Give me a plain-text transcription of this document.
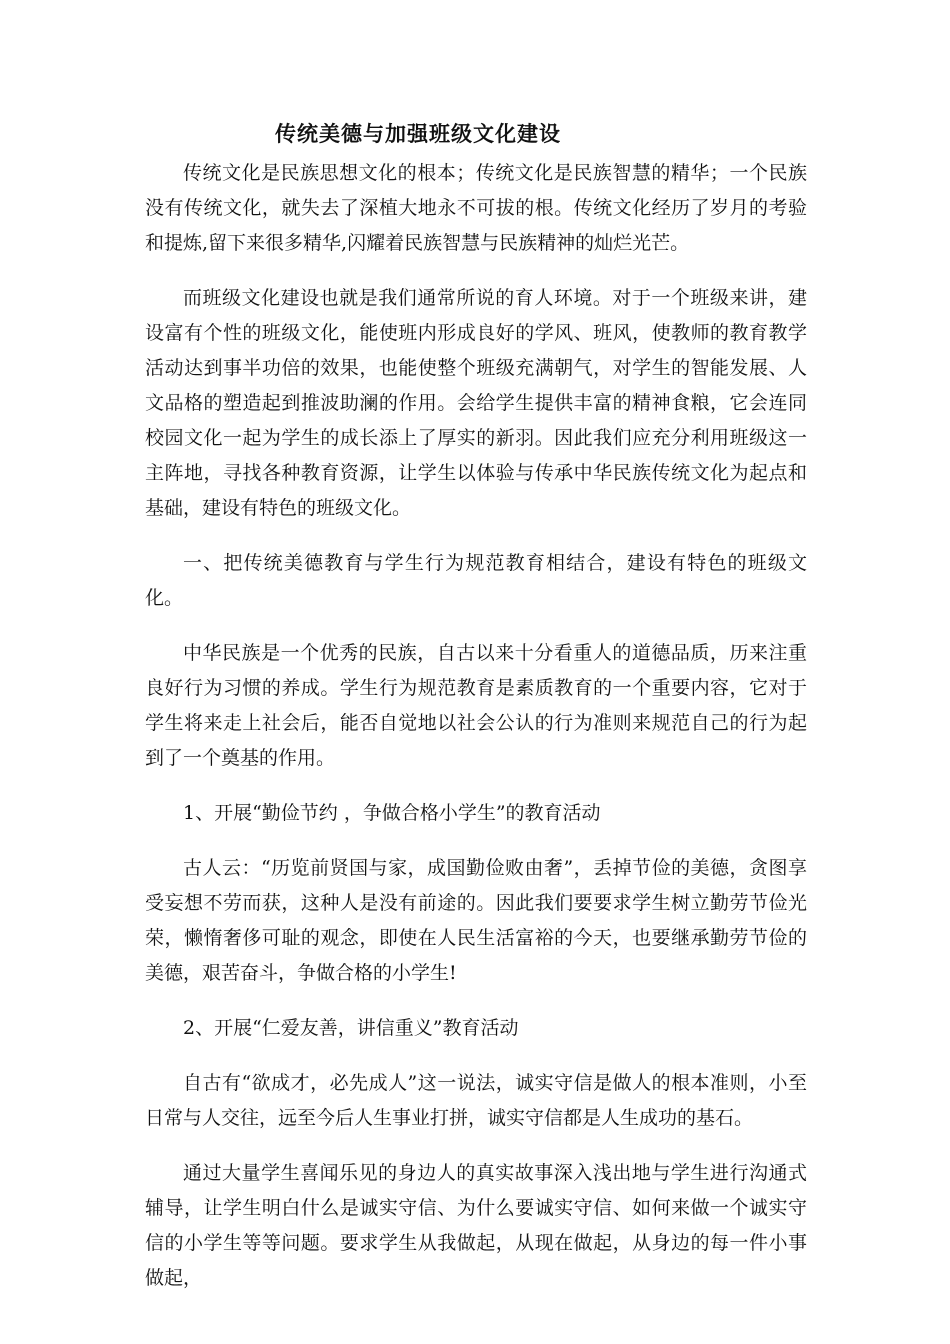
传统美德与加强班级文化建设

传统文化是民族思想文化的根本；传统文化是民族智慧的精华；一个民族没有传统文化，就失去了深植大地永不可拔的根。传统文化经历了岁月的考验和提炼,留下来很多精华,闪耀着民族智慧与民族精神的灿烂光芒。

而班级文化建设也就是我们通常所说的育人环境。对于一个班级来讲，建设富有个性的班级文化，能使班内形成良好的学风、班风，使教师的教育教学活动达到事半功倍的效果，也能使整个班级充满朝气，对学生的智能发展、人文品格的塑造起到推波助澜的作用。会给学生提供丰富的精神食粮，它会连同校园文化一起为学生的成长添上了厚实的新羽。因此我们应充分利用班级这一主阵地，寻找各种教育资源，让学生以体验与传承中华民族传统文化为起点和基础，建设有特色的班级文化。

一、把传统美德教育与学生行为规范教育相结合，建设有特色的班级文化。

中华民族是一个优秀的民族，自古以来十分看重人的道德品质，历来注重良好行为习惯的养成。学生行为规范教育是素质教育的一个重要内容，它对于学生将来走上社会后，能否自觉地以社会公认的行为准则来规范自己的行为起到了一个奠基的作用。

1、开展“勤俭节约 ，争做合格小学生”的教育活动

古人云：“历览前贤国与家，成国勤俭败由奢”，丢掉节俭的美德，贪图享受妄想不劳而获，这种人是没有前途的。因此我们要要求学生树立勤劳节俭光荣，懒惰奢侈可耻的观念，即使在人民生活富裕的今天，也要继承勤劳节俭的美德，艰苦奋斗，争做合格的小学生!

2、开展“仁爱友善，讲信重义”教育活动

自古有“欲成才，必先成人”这一说法，诚实守信是做人的根本准则，小至日常与人交往，远至今后人生事业打拼，诚实守信都是人生成功的基石。

通过大量学生喜闻乐见的身边人的真实故事深入浅出地与学生进行沟通式辅导，让学生明白什么是诚实守信、为什么要诚实守信、如何来做一个诚实守信的小学生等等问题。要求学生从我做起，从现在做起，从身边的每一件小事做起，
